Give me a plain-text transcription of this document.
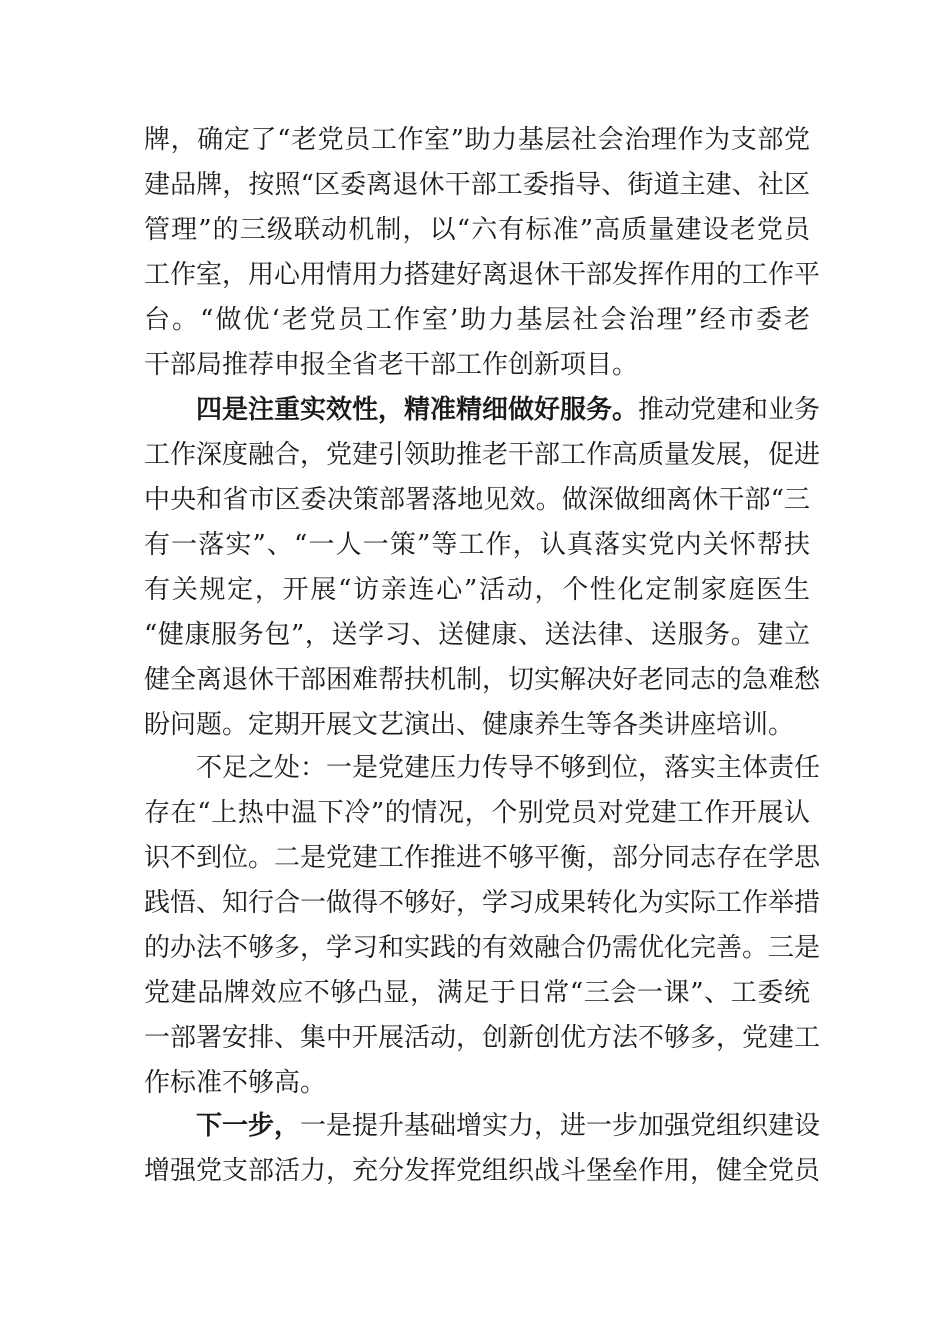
牌，确定了“老党员工作室”助力基层社会治理作为支部党
建品牌，按照“区委离退休干部工委指导、街道主建、社区
管理”的三级联动机制，以“六有标准”高质量建设老党员
工作室，用心用情用力搭建好离退休干部发挥作用的工作平
台。“做优‘老党员工作室’助力基层社会治理”经市委老
干部局推荐申报全省老干部工作创新项目。
四是注重实效性，精准精细做好服务。推动党建和业务
工作深度融合，党建引领助推老干部工作高质量发展，促进
中央和省市区委决策部署落地见效。做深做细离休干部“三
有一落实”、“一人一策”等工作，认真落实党内关怀帮扶
有关规定，开展“访亲连心”活动，个性化定制家庭医生
“健康服务包”，送学习、送健康、送法律、送服务。建立
健全离退休干部困难帮扶机制，切实解决好老同志的急难愁
盼问题。定期开展文艺演出、健康养生等各类讲座培训。
不足之处：一是党建压力传导不够到位，落实主体责任
存在“上热中温下冷”的情况，个别党员对党建工作开展认
识不到位。二是党建工作推进不够平衡，部分同志存在学思
践悟、知行合一做得不够好，学习成果转化为实际工作举措
的办法不够多，学习和实践的有效融合仍需优化完善。三是
党建品牌效应不够凸显，满足于日常“三会一课”、工委统
一部署安排、集中开展活动，创新创优方法不够多，党建工
作标准不够高。
下一步，一是提升基础增实力，进一步加强党组织建设
增强党支部活力，充分发挥党组织战斗堡垒作用，健全党员
